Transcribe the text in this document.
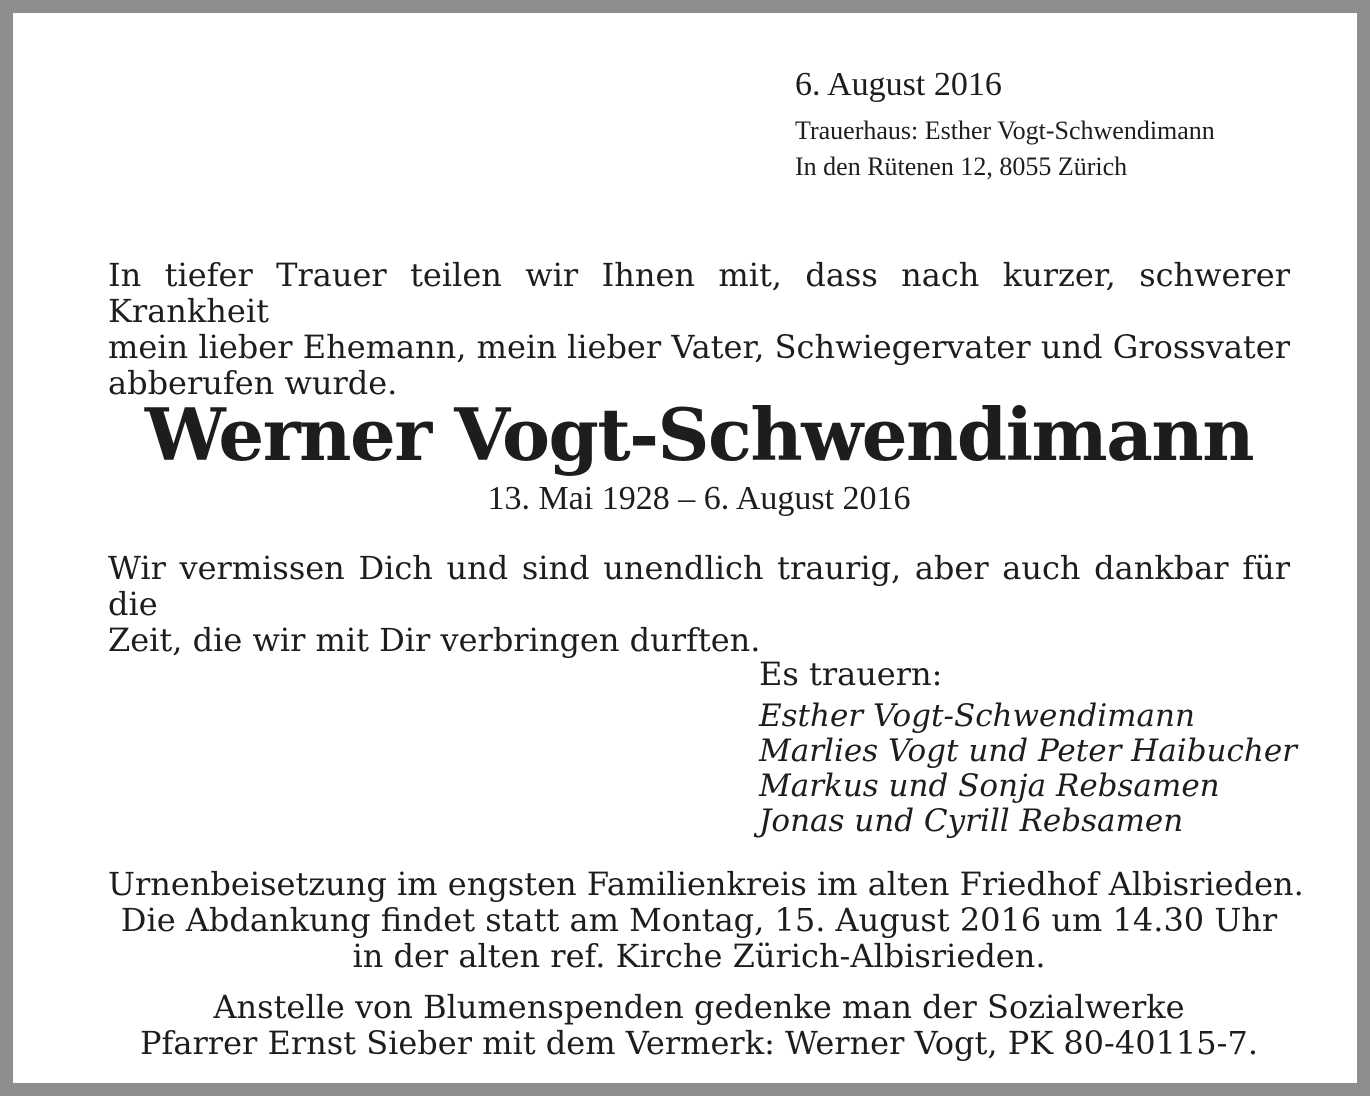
6. August 2016
Trauerhaus: Esther Vogt-Schwendimann
In den Rütenen 12, 8055 Zürich

In tiefer Trauer teilen wir Ihnen mit, dass nach kurzer, schwerer Krankheit
mein lieber Ehemann, mein lieber Vater, Schwiegervater und Grossvater
abberufen wurde.

Werner Vogt-Schwendimann
13. Mai 1928 – 6. August 2016

Wir vermissen Dich und sind unendlich traurig, aber auch dankbar für die
Zeit, die wir mit Dir verbringen durften.

Es trauern:
Esther Vogt-Schwendimann
Marlies Vogt und Peter Haibucher
Markus und Sonja Rebsamen
Jonas und Cyrill Rebsamen
Urnenbeisetzung im engsten Familienkreis im alten Friedhof Albisrieden.
Die Abdankung findet statt am Montag, 15. August 2016 um 14.30 Uhr
in der alten ref. Kirche Zürich-Albisrieden.
Anstelle von Blumenspenden gedenke man der Sozialwerke
Pfarrer Ernst Sieber mit dem Vermerk: Werner Vogt, PK 80-40115-7.
